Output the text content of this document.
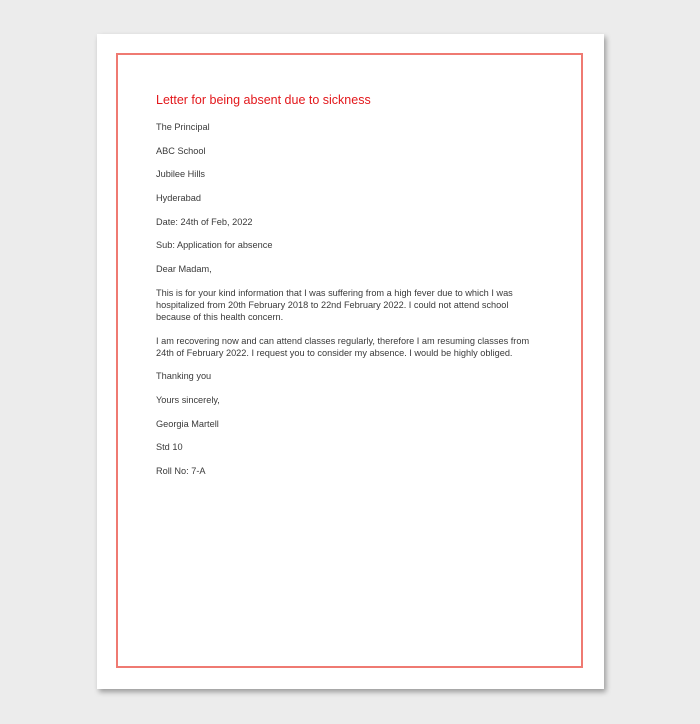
Letter for being absent due to sickness
The Principal
ABC School
Jubilee Hills
Hyderabad
Date: 24th of Feb, 2022
Sub: Application for absence
Dear Madam,
This is for your kind information that I was suffering from a high fever due to which I was hospitalized from 20th February 2018 to 22nd February 2022. I could not attend school because of this health concern.
I am recovering now and can attend classes regularly, therefore I am resuming classes from 24th of February 2022. I request you to consider my absence. I would be highly obliged.
Thanking you
Yours sincerely,
Georgia Martell
Std 10
Roll No: 7-A
